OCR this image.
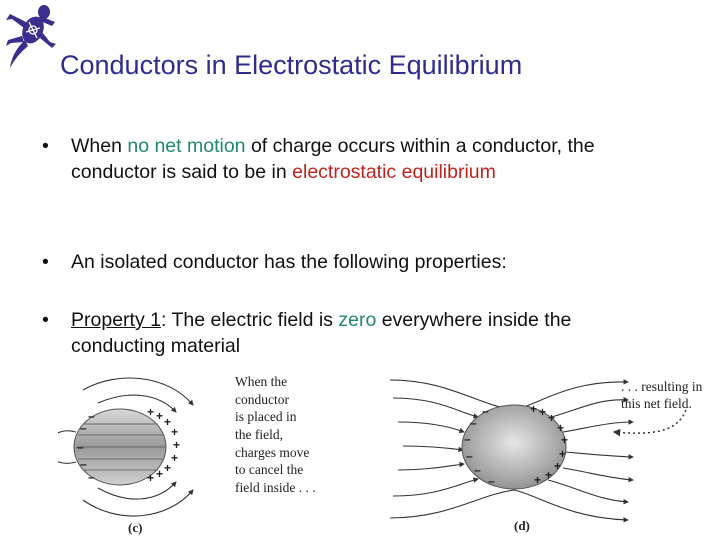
Conductors in Electrostatic Equilibrium
• When no net motion of charge occurs within a conductor, the conductor is said to be in electrostatic equilibrium
• An isolated conductor has the following properties:
• Property 1: The electric field is zero everywhere inside the conducting material
+ + +
+
+
+
+
+
+
–
–
–
–
–
When the
conductor
is placed in
the field,
charges move
to cancel the
field inside . . .
(c)
+ + +
+
+
+
+
+
+
–
–
–
–
–
–
. . . resulting in
this net field.
(d)
